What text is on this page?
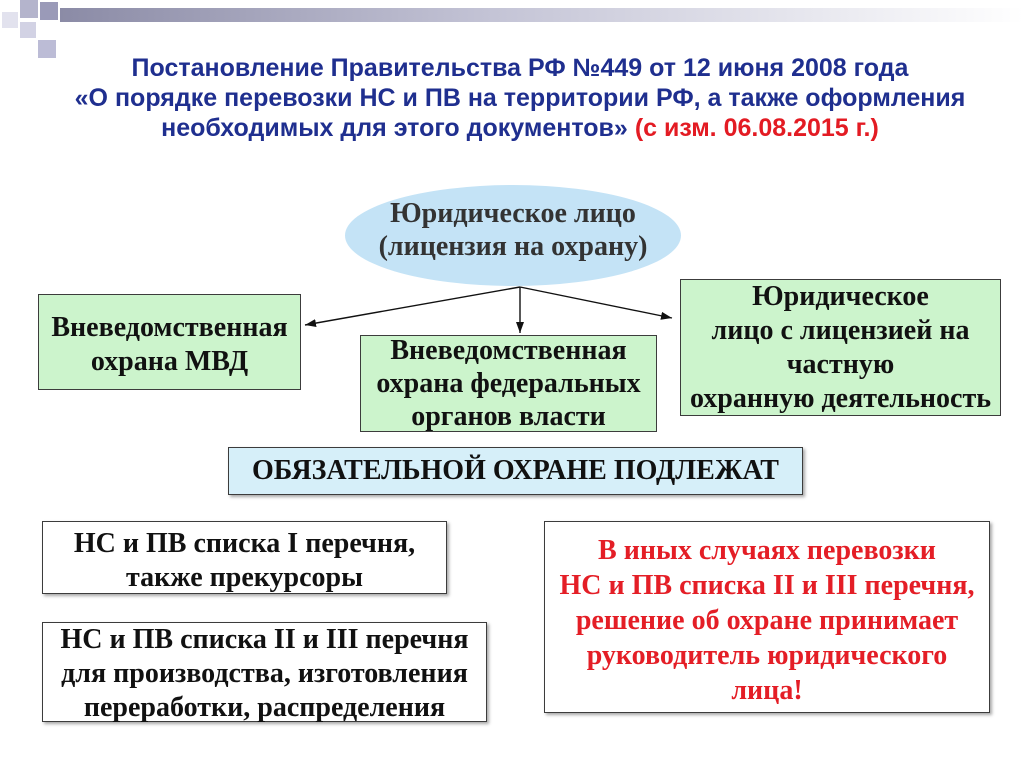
Постановление Правительства РФ №449 от 12 июня 2008 года
«О порядке перевозки НС и ПВ на территории РФ, а также оформления
необходимых для этого документов» (с изм. 06.08.2015 г.)
Юридическое лицо
(лицензия на охрану)
Вневедомственная
охрана МВД	Вневедомственная
охрана федеральных
органов власти
Юридическое
лицо с лицензией на
частную
охранную деятельность
ОБЯЗАТЕЛЬНОЙ ОХРАНЕ ПОДЛЕЖАТ
НС и ПВ списка I перечня,
также прекурсоры
НС и ПВ списка II и III перечня
для производства, изготовления
переработки, распределения
В иных случаях перевозки
НС и ПВ списка II и III перечня,
решение об охране принимает
руководитель юридического
лица!
